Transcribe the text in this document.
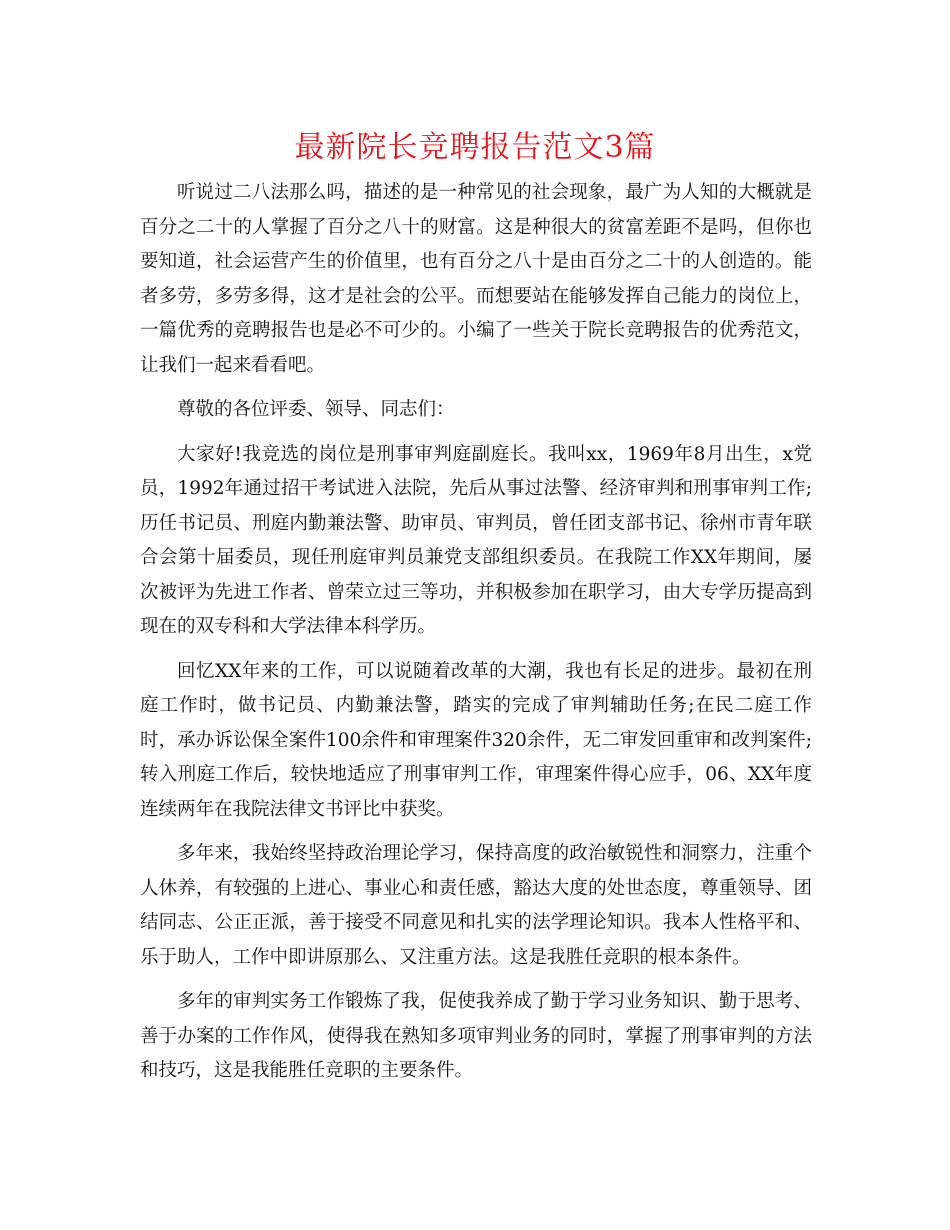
最新院长竞聘报告范文3篇

听说过二八法那么吗，描述的是一种常见的社会现象，最广为人知的大概就是百分之二十的人掌握了百分之八十的财富。这是种很大的贫富差距不是吗，但你也要知道，社会运营产生的价值里，也有百分之八十是由百分之二十的人创造的。能者多劳，多劳多得，这才是社会的公平。而想要站在能够发挥自己能力的岗位上，一篇优秀的竞聘报告也是必不可少的。小编了一些关于院长竞聘报告的优秀范文，让我们一起来看看吧。

尊敬的各位评委、领导、同志们：

大家好!我竞选的岗位是刑事审判庭副庭长。我叫xx，1969年8月出生，x党员，1992年通过招干考试进入法院，先后从事过法警、经济审判和刑事审判工作;历任书记员、刑庭内勤兼法警、助审员、审判员，曾任团支部书记、徐州市青年联合会第十届委员，现任刑庭审判员兼党支部组织委员。在我院工作XX年期间，屡次被评为先进工作者、曾荣立过三等功，并积极参加在职学习，由大专学历提高到现在的双专科和大学法律本科学历。

回忆XX年来的工作，可以说随着改革的大潮，我也有长足的进步。最初在刑庭工作时，做书记员、内勤兼法警，踏实的完成了审判辅助任务;在民二庭工作时，承办诉讼保全案件100余件和审理案件320余件，无二审发回重审和改判案件;转入刑庭工作后，较快地适应了刑事审判工作，审理案件得心应手，06、XX年度连续两年在我院法律文书评比中获奖。

多年来，我始终坚持政治理论学习，保持高度的政治敏锐性和洞察力，注重个人休养，有较强的上进心、事业心和责任感，豁达大度的处世态度，尊重领导、团结同志、公正正派，善于接受不同意见和扎实的法学理论知识。我本人性格平和、乐于助人，工作中即讲原那么、又注重方法。这是我胜任竞职的根本条件。

多年的审判实务工作锻炼了我，促使我养成了勤于学习业务知识、勤于思考、善于办案的工作作风，使得我在熟知多项审判业务的同时，掌握了刑事审判的方法和技巧，这是我能胜任竞职的主要条件。
